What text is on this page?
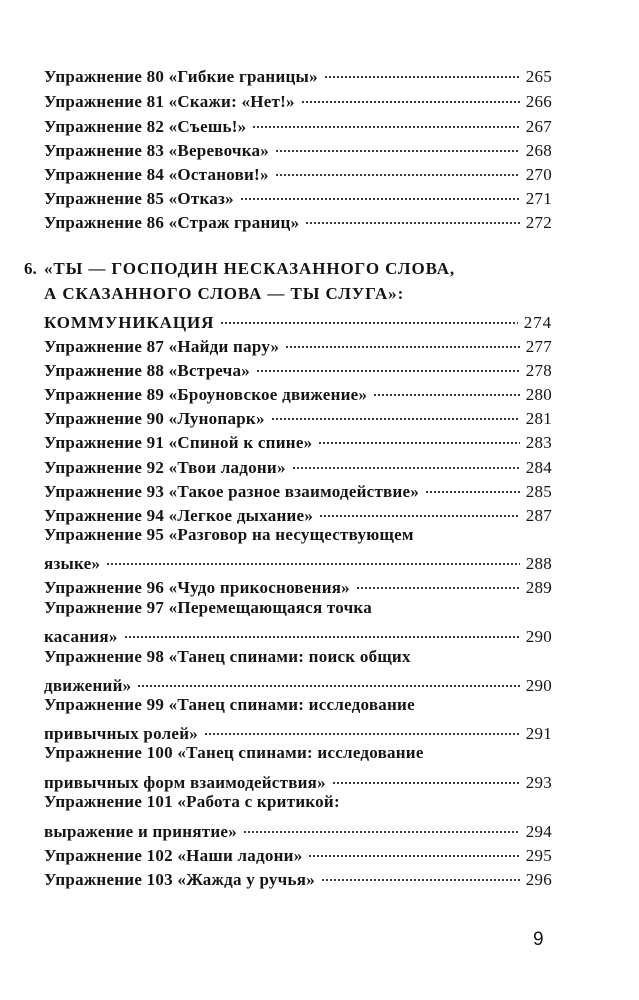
Упражнение 80 «Гибкие границы»	265
Упражнение 81 «Скажи: «Нет!»	266
Упражнение 82 «Съешь!»	267
Упражнение 83 «Веревочка»	268
Упражнение 84 «Останови!»	270
Упражнение 85 «Отказ»	271
Упражнение 86 «Страж границ»	272
6. «ТЫ — ГОСПОДИН НЕСКАЗАННОГО СЛОВА,
А СКАЗАННОГО СЛОВА — ТЫ СЛУГА»:
КОММУНИКАЦИЯ	274
Упражнение 87 «Найди пару»	277
Упражнение 88 «Встреча»	278
Упражнение 89 «Броуновское движение»	280
Упражнение 90 «Лунопарк»	281
Упражнение 91 «Спиной к спине»	283
Упражнение 92 «Твои ладони»	284
Упражнение 93 «Такое разное взаимодействие»	285
Упражнение 94 «Легкое дыхание»	287
Упражнение 95 «Разговор на несуществующем
языке»	288
Упражнение 96 «Чудо прикосновения»	289
Упражнение 97 «Перемещающаяся точка
касания»	290
Упражнение 98 «Танец спинами: поиск общих
движений»	290
Упражнение 99 «Танец спинами: исследование
привычных ролей»	291
Упражнение 100 «Танец спинами: исследование
привычных форм взаимодействия»	293
Упражнение 101 «Работа с критикой:
выражение и принятие»	294
Упражнение 102 «Наши ладони»	295
Упражнение 103 «Жажда у ручья»	296
9
